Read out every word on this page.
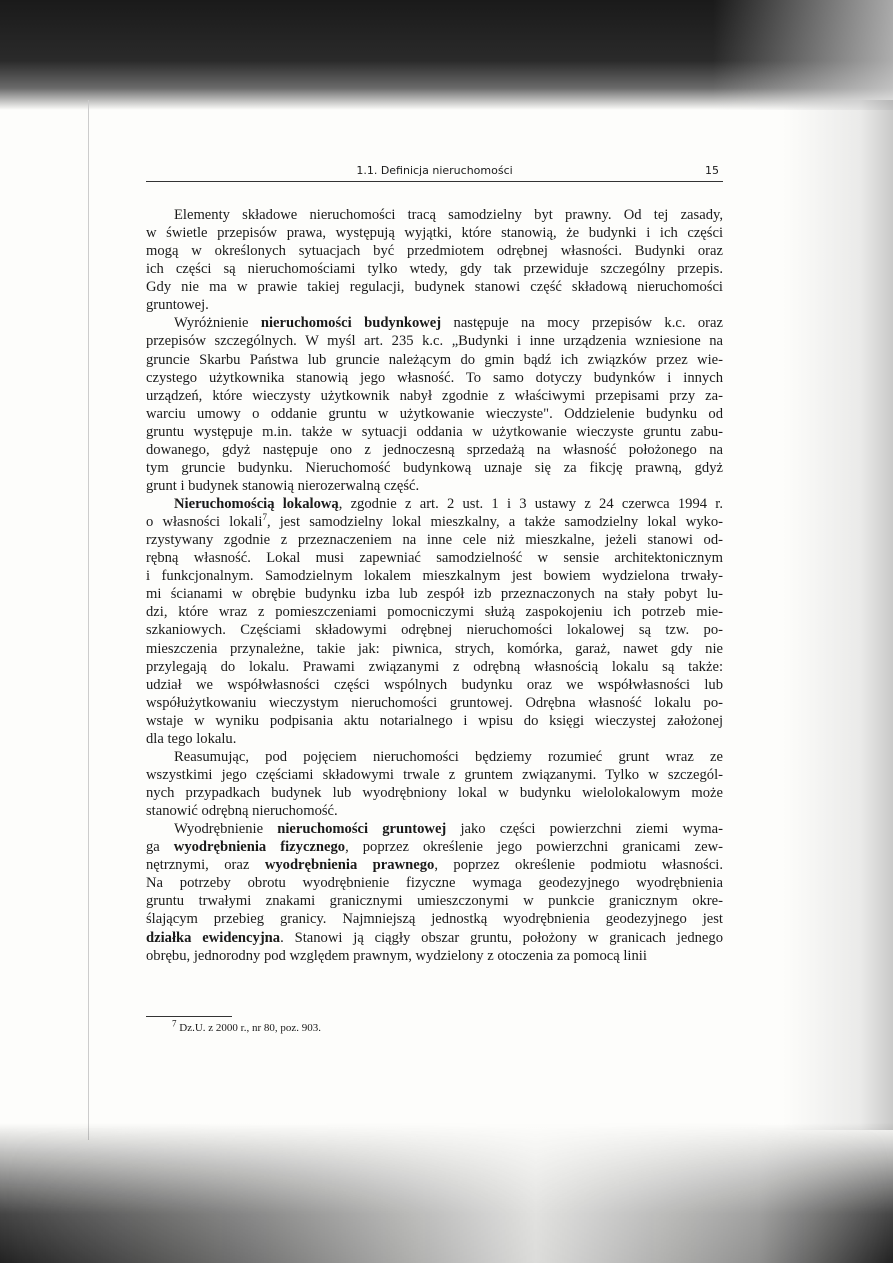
1.1. Definicja nieruchomości	15
Elementy składowe nieruchomości tracą samodzielny byt prawny. Od tej zasady,
w świetle przepisów prawa, występują wyjątki, które stanowią, że budynki i ich części
mogą w określonych sytuacjach być przedmiotem odrębnej własności. Budynki oraz
ich części są nieruchomościami tylko wtedy, gdy tak przewiduje szczególny przepis.
Gdy nie ma w prawie takiej regulacji, budynek stanowi część składową nieruchomości
gruntowej.
Wyróżnienie nieruchomości budynkowej następuje na mocy przepisów k.c. oraz
przepisów szczególnych. W myśl art. 235 k.c. „Budynki i inne urządzenia wzniesione na
gruncie Skarbu Państwa lub gruncie należącym do gmin bądź ich związków przez wie-
czystego użytkownika stanowią jego własność. To samo dotyczy budynków i innych
urządzeń, które wieczysty użytkownik nabył zgodnie z właściwymi przepisami przy za-
warciu umowy o oddanie gruntu w użytkowanie wieczyste". Oddzielenie budynku od
gruntu występuje m.in. także w sytuacji oddania w użytkowanie wieczyste gruntu zabu-
dowanego, gdyż następuje ono z jednoczesną sprzedażą na własność położonego na
tym gruncie budynku. Nieruchomość budynkową uznaje się za fikcję prawną, gdyż
grunt i budynek stanowią nierozerwalną część.
Nieruchomością lokalową, zgodnie z art. 2 ust. 1 i 3 ustawy z 24 czerwca 1994 r.
o własności lokali$^7$, jest samodzielny lokal mieszkalny, a także samodzielny lokal wyko-
rzystywany zgodnie z przeznaczeniem na inne cele niż mieszkalne, jeżeli stanowi od-
rębną własność. Lokal musi zapewniać samodzielność w sensie architektonicznym
i funkcjonalnym. Samodzielnym lokalem mieszkalnym jest bowiem wydzielona trwały-
mi ścianami w obrębie budynku izba lub zespół izb przeznaczonych na stały pobyt lu-
dzi, które wraz z pomieszczeniami pomocniczymi służą zaspokojeniu ich potrzeb mie-
szkaniowych. Częściami składowymi odrębnej nieruchomości lokalowej są tzw. po-
mieszczenia przynależne, takie jak: piwnica, strych, komórka, garaż, nawet gdy nie
przylegają do lokalu. Prawami związanymi z odrębną własnością lokalu są także:
udział we współwłasności części wspólnych budynku oraz we współwłasności lub
współużytkowaniu wieczystym nieruchomości gruntowej. Odrębna własność lokalu po-
wstaje w wyniku podpisania aktu notarialnego i wpisu do księgi wieczystej założonej
dla tego lokalu.
Reasumując, pod pojęciem nieruchomości będziemy rozumieć grunt wraz ze
wszystkimi jego częściami składowymi trwale z gruntem związanymi. Tylko w szczegól-
nych przypadkach budynek lub wyodrębniony lokal w budynku wielolokalowym może
stanowić odrębną nieruchomość.
Wyodrębnienie nieruchomości gruntowej jako części powierzchni ziemi wyma-
ga wyodrębnienia fizycznego, poprzez określenie jego powierzchni granicami zew-
nętrznymi, oraz wyodrębnienia prawnego, poprzez określenie podmiotu własności.
Na potrzeby obrotu wyodrębnienie fizyczne wymaga geodezyjnego wyodrębnienia
gruntu trwałymi znakami granicznymi umieszczonymi w punkcie granicznym okre-
ślającym przebieg granicy. Najmniejszą jednostką wyodrębnienia geodezyjnego jest
działka ewidencyjna. Stanowi ją ciągły obszar gruntu, położony w granicach jednego
obrębu, jednorodny pod względem prawnym, wydzielony z otoczenia za pomocą linii
$^7$ Dz.U. z 2000 r., nr 80, poz. 903.
